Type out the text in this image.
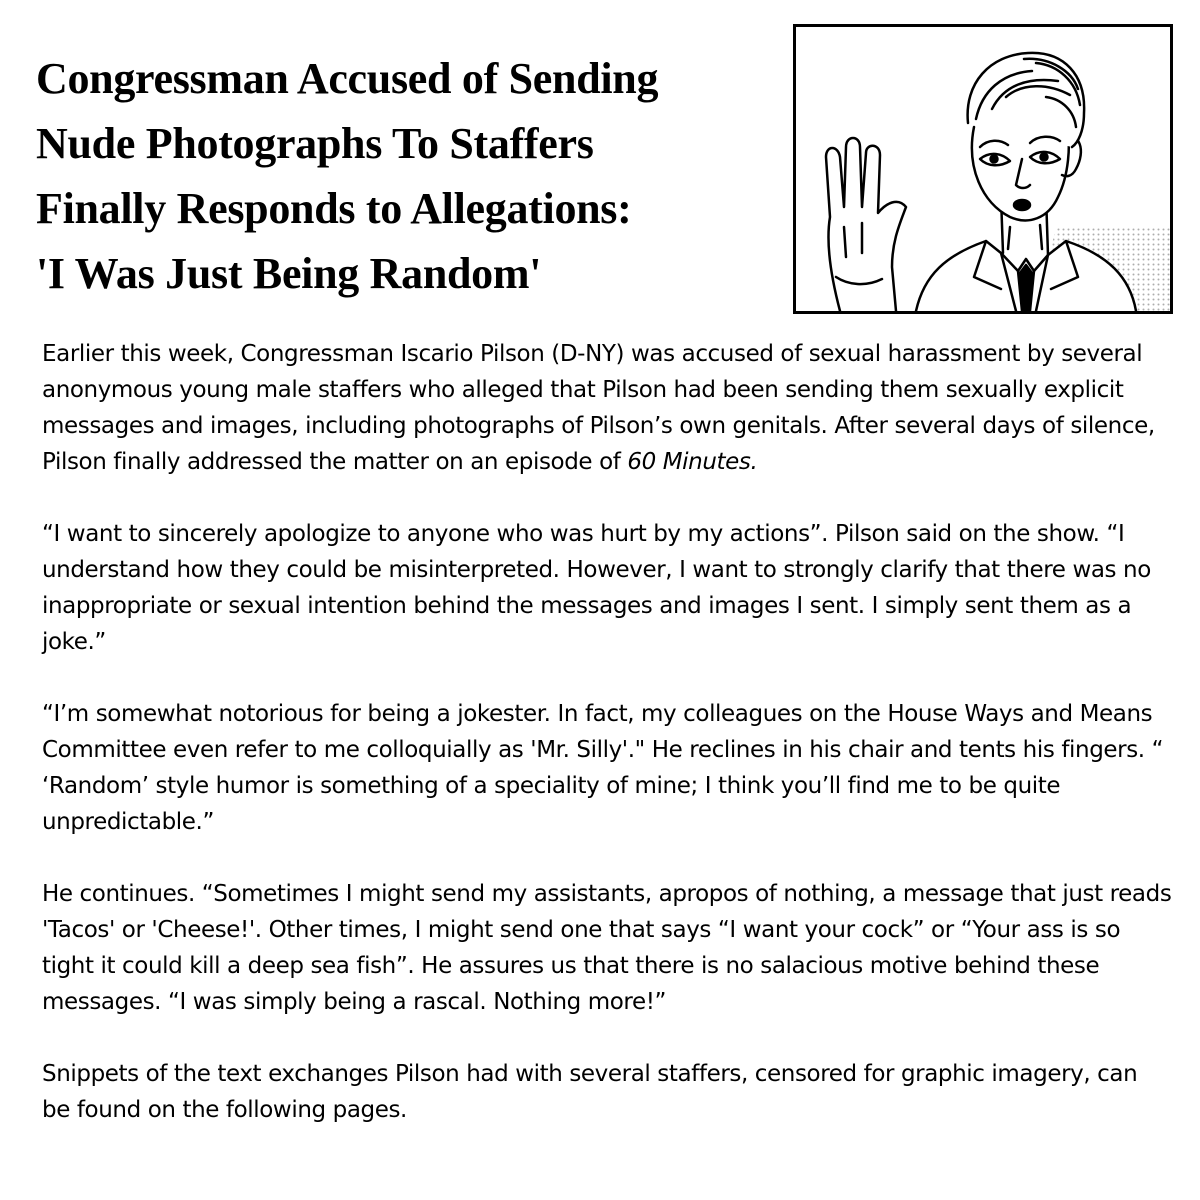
Congressman Accused of Sending
Nude Photographs To Staffers
Finally Responds to Allegations:
'I Was Just Being Random'

Earlier this week, Congressman Iscario Pilson (D-NY) was accused of sexual harassment by several anonymous young male staffers who alleged that Pilson had been sending them sexually explicit messages and images, including photographs of Pilson’s own genitals. After several days of silence, Pilson finally addressed the matter on an episode of 60 Minutes.

“I want to sincerely apologize to anyone who was hurt by my actions”. Pilson said on the show. “I understand how they could be misinterpreted. However, I want to strongly clarify that there was no inappropriate or sexual intention behind the messages and images I sent. I simply sent them as a joke.”

“I’m somewhat notorious for being a jokester. In fact, my colleagues on the House Ways and Means Committee even refer to me colloquially as 'Mr. Silly'." He reclines in his chair and tents his fingers. “ ‘Random’ style humor is something of a speciality of mine; I think you’ll find me to be quite unpredictable.”

He continues. “Sometimes I might send my assistants, apropos of nothing, a message that just reads 'Tacos' or 'Cheese!'. Other times, I might send one that says “I want your cock” or “Your ass is so tight it could kill a deep sea fish”. He assures us that there is no salacious motive behind these messages. “I was simply being a rascal. Nothing more!”

Snippets of the text exchanges Pilson had with several staffers, censored for graphic imagery, can be found on the following pages.
